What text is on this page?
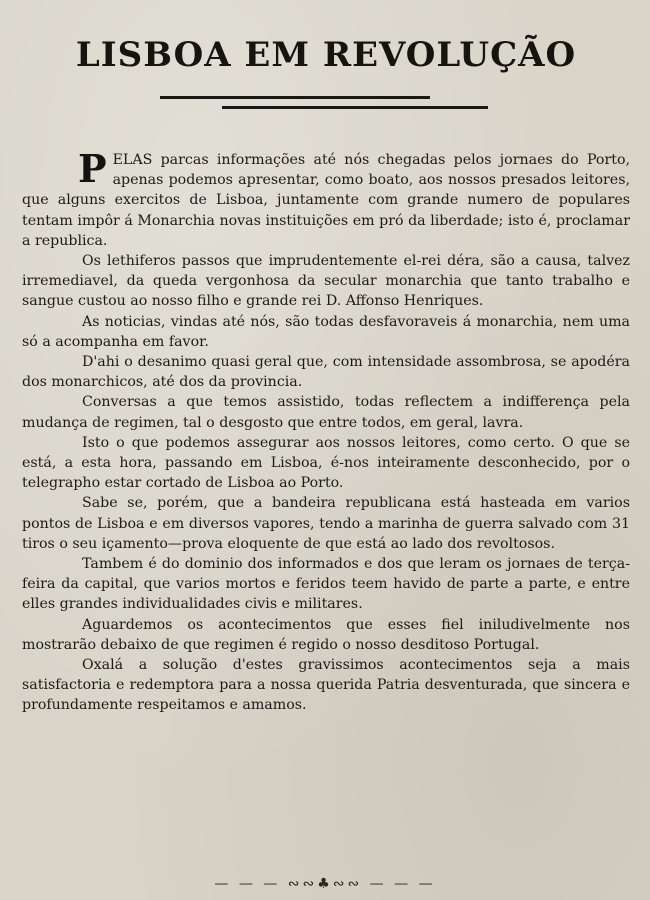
LISBOA EM REVOLUÇÃO

PELAS parcas informações até nós chegadas pelos jornaes do Porto, apenas podemos apresentar, como boato, aos nossos presados leitores, que alguns exercitos de Lisboa, juntamente com grande numero de populares tentam impôr á Monarchia novas instituições em pró da liberdade; isto é, proclamar a republica.

Os lethiferos passos que imprudentemente el-rei déra, são a causa, talvez irremediavel, da queda vergonhosa da secular monarchia que tanto trabalho e sangue custou ao nosso filho e grande rei D. Affonso Henriques.

As noticias, vindas até nós, são todas desfavoraveis á monarchia, nem uma só a acompanha em favor.

D'ahi o desanimo quasi geral que, com intensidade assombrosa, se apodéra dos monarchicos, até dos da provincia.

Conversas a que temos assistido, todas reflectem a indifferença pela mudança de regimen, tal o desgosto que entre todos, em geral, lavra.

Isto o que podemos assegurar aos nossos leitores, como certo. O que se está, a esta hora, passando em Lisboa, é-nos inteiramente desconhecido, por o telegrapho estar cortado de Lisboa ao Porto.

Sabe se, porém, que a bandeira republicana está hasteada em varios pontos de Lisboa e em diversos vapores, tendo a marinha de guerra salvado com 31 tiros o seu içamento—prova eloquente de que está ao lado dos revoltosos.

Tambem é do dominio dos informados e dos que leram os jornaes de terça-feira da capital, que varios mortos e feridos teem havido de parte a parte, e entre elles grandes individualidades civis e militares.

Aguardemos os acontecimentos que esses fiel iniludivelmente nos mostrarão debaixo de que regimen é regido o nosso desditoso Portugal.

Oxalá a solução d'estes gravissimos acontecimentos seja a mais satisfactoria e redemptora para a nossa querida Patria desventurada, que sincera e profundamente respeitamos e amamos.

— — — ∾∾♣∾∾ — — —
